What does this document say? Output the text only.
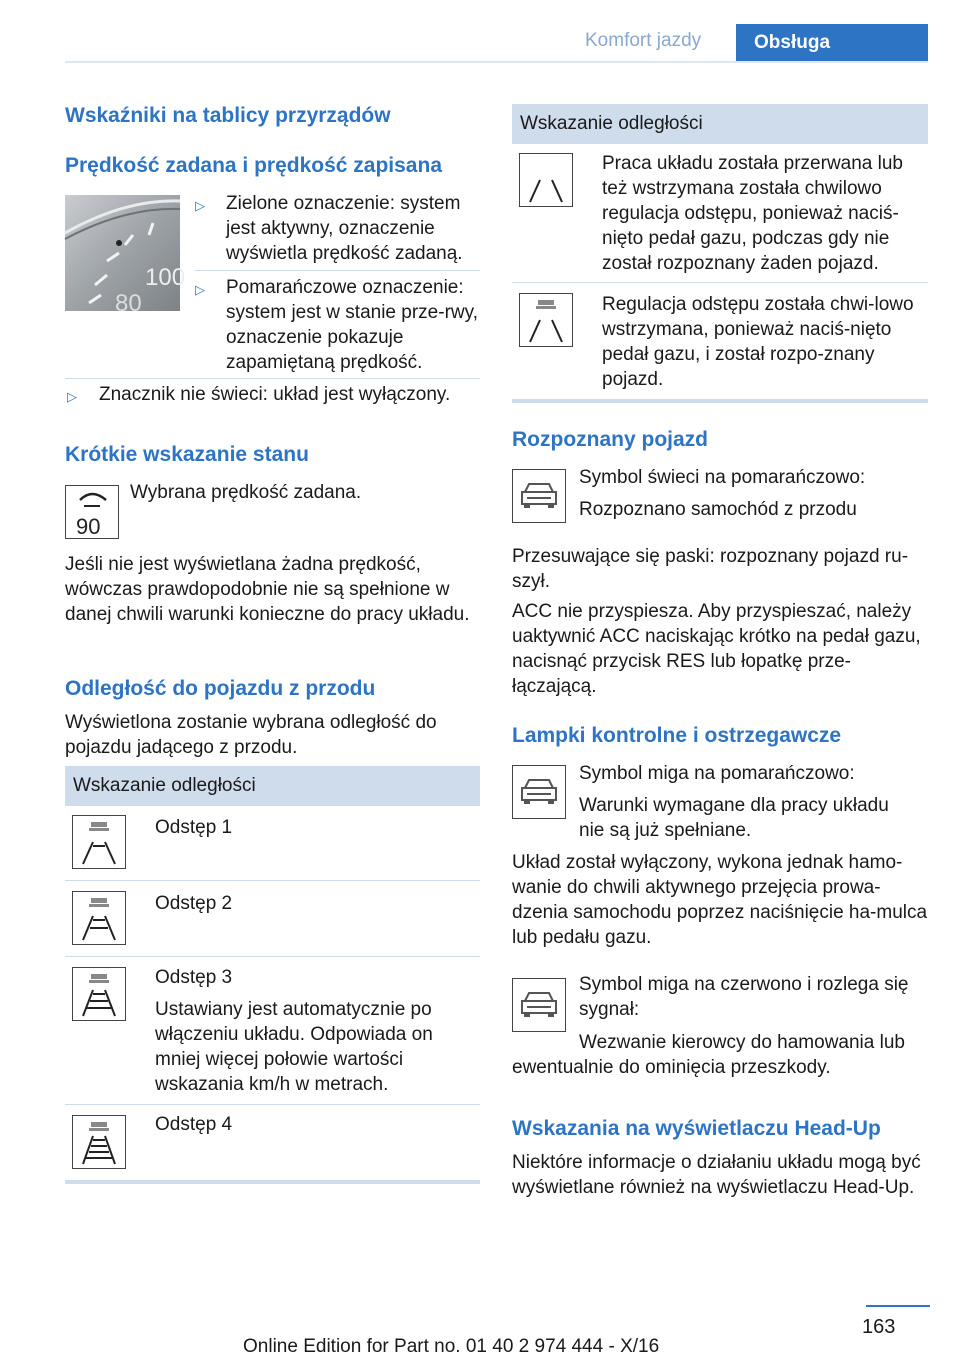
Komfort jazdy	Obsługa
Wskaźniki na tablicy przyrządów
Prędkość zadana i prędkość zapisana
100
80
▷ Zielone oznaczenie: system jest aktywny, oznaczenie wyświetla prędkość zadaną.
▷ Pomarańczowe oznaczenie: system jest w stanie prze-rwy, oznaczenie pokazuje zapamiętaną prędkość.
▷ Znacznik nie świeci: układ jest wyłączony.
Krótkie wskazanie stanu
90
Wybrana prędkość zadana.
Jeśli nie jest wyświetlana żadna prędkość, wówczas prawdopodobnie nie są spełnione w danej chwili warunki konieczne do pracy układu.
Odległość do pojazdu z przodu
Wyświetlona zostanie wybrana odległość do pojazdu jadącego z przodu.
Wskazanie odległości
Odstęp 1
Odstęp 2
Odstęp 3
Ustawiany jest automatycznie po włączeniu układu. Odpowiada on mniej więcej połowie wartości wskazania km/h w metrach.
Odstęp 4
Wskazanie odległości
Praca układu została przerwana lub też wstrzymana została chwilowo regulacja odstępu, ponieważ naciś-nięto pedał gazu, podczas gdy nie został rozpoznany żaden pojazd.
Regulacja odstępu została chwi-lowo wstrzymana, ponieważ naciś-nięto pedał gazu, i został rozpo-znany pojazd.
Rozpoznany pojazd
Symbol świeci na pomarańczowo:
Rozpoznano samochód z przodu
Przesuwające się paski: rozpoznany pojazd ru-szył.
ACC nie przyspiesza. Aby przyspieszać, należy uaktywnić ACC naciskając krótko na pedał gazu, nacisnąć przycisk RES lub łopatkę prze-łączającą.
Lampki kontrolne i ostrzegawcze
Symbol miga na pomarańczowo:
Warunki wymagane dla pracy układu nie są już spełniane.
Układ został wyłączony, wykona jednak hamo-wanie do chwili aktywnego przejęcia prowa-dzenia samochodu poprzez naciśnięcie ha-mulca lub pedału gazu.
Symbol miga na czerwono i rozlega się sygnał:
Wezwanie kierowcy do hamowania lub ewentualnie do ominięcia przeszkody.
Wskazania na wyświetlaczu Head-Up
Niektóre informacje o działaniu układu mogą być wyświetlane również na wyświetlaczu Head-Up.
163
Online Edition for Part no. 01 40 2 974 444 - X/16
